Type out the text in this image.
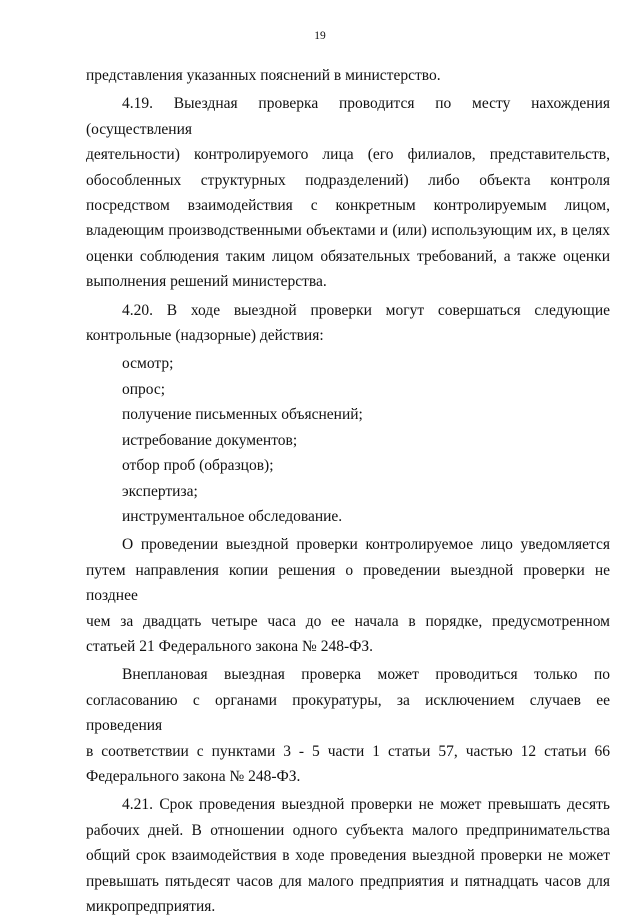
19

представления указанных пояснений в министерство.

4.19. Выездная проверка проводится по месту нахождения (осуществления

деятельности) контролируемого лица (его филиалов, представительств,

обособленных структурных подразделений) либо объекта контроля

посредством взаимодействия с конкретным контролируемым лицом,

владеющим производственными объектами и (или) использующим их, в целях

оценки соблюдения таким лицом обязательных требований, а также оценки

выполнения решений министерства.

4.20. В ходе выездной проверки могут совершаться следующие

контрольные (надзорные) действия:

осмотр;

опрос;

получение письменных объяснений;

истребование документов;

отбор проб (образцов);

экспертиза;

инструментальное обследование.

О проведении выездной проверки контролируемое лицо уведомляется

путем направления копии решения о проведении выездной проверки не позднее

чем за двадцать четыре часа до ее начала в порядке, предусмотренном

статьей 21 Федерального закона № 248-ФЗ.

Внеплановая выездная проверка может проводиться только по

согласованию с органами прокуратуры, за исключением случаев ее проведения

в соответствии с пунктами 3 - 5 части 1 статьи 57, частью 12 статьи 66

Федерального закона № 248-ФЗ.

4.21. Срок проведения выездной проверки не может превышать десять

рабочих дней. В отношении одного субъекта малого предпринимательства

общий срок взаимодействия в ходе проведения выездной проверки не может

превышать пятьдесят часов для малого предприятия и пятнадцать часов для

микропредприятия.
